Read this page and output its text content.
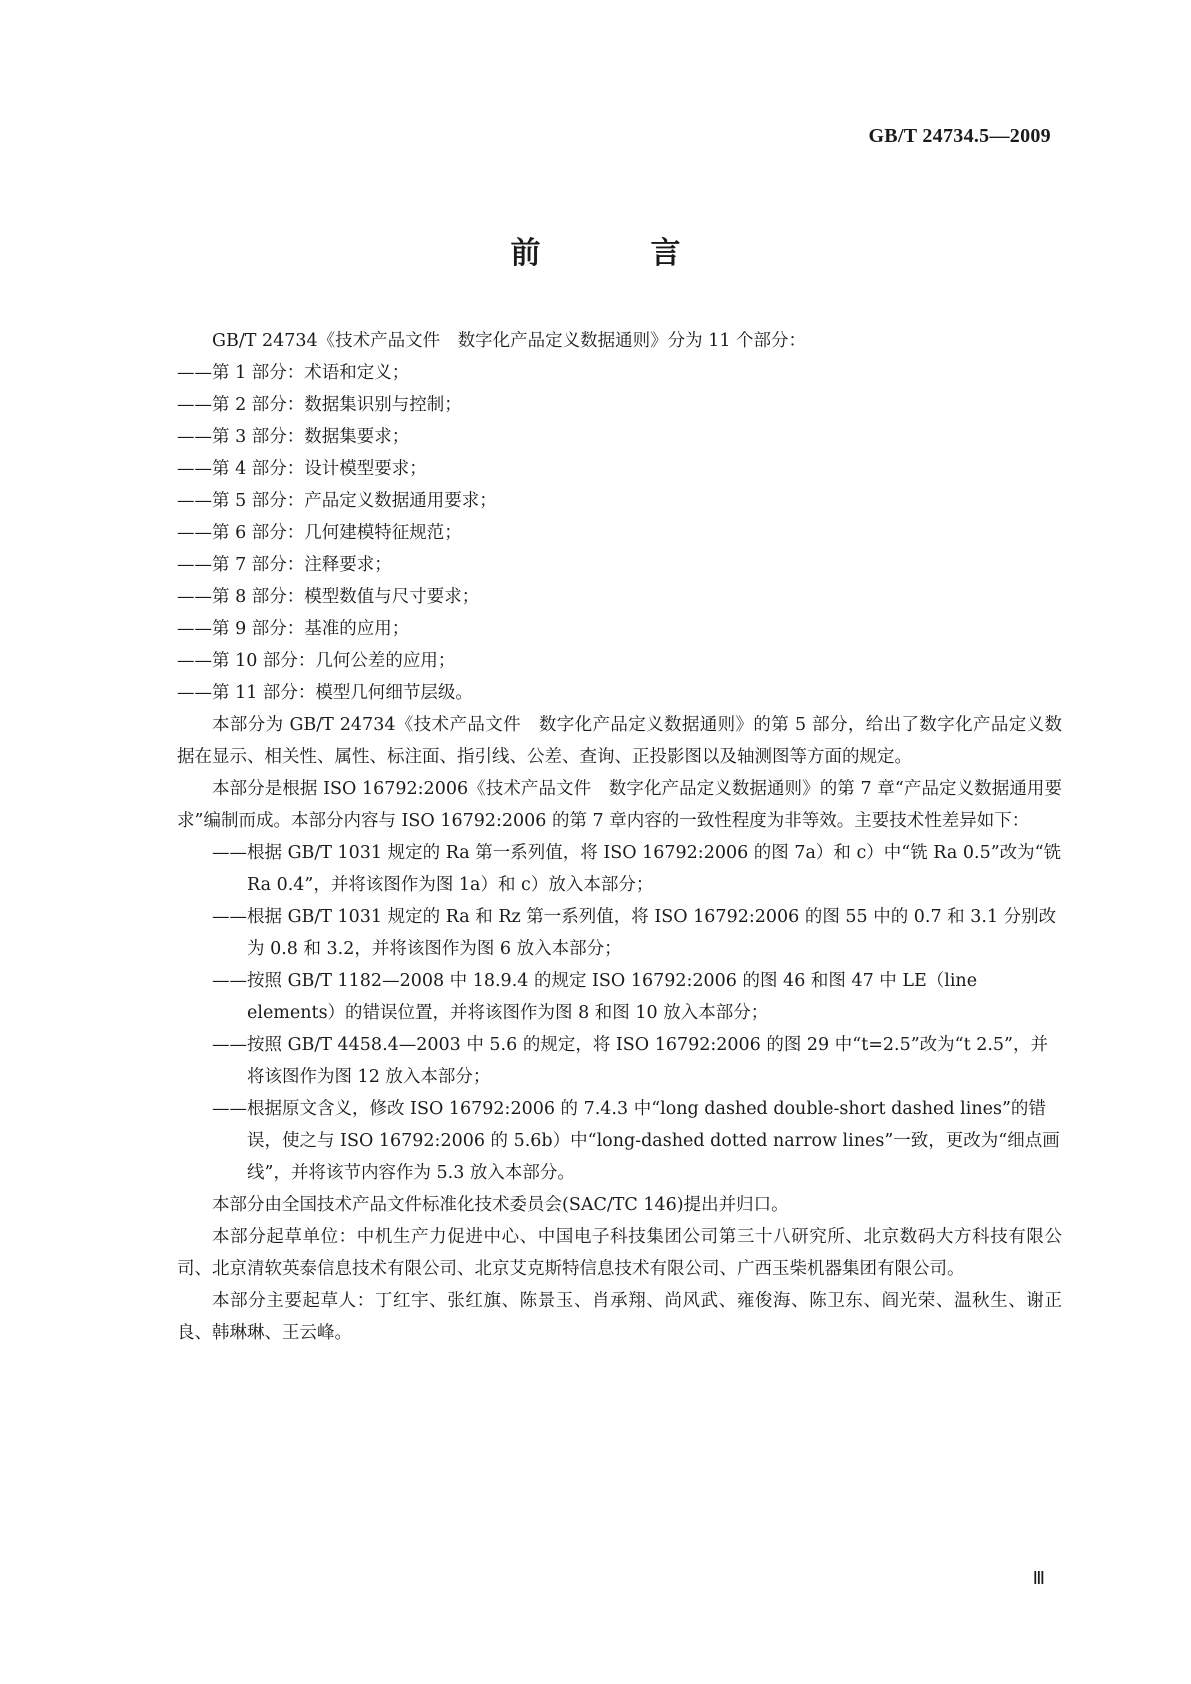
GB/T 24734.5—2009
前　言

GB/T 24734《技术产品文件　数字化产品定义数据通则》分为 11 个部分：

——第 1 部分：术语和定义；

——第 2 部分：数据集识别与控制；

——第 3 部分：数据集要求；

——第 4 部分：设计模型要求；

——第 5 部分：产品定义数据通用要求；

——第 6 部分：几何建模特征规范；

——第 7 部分：注释要求；

——第 8 部分：模型数值与尺寸要求；

——第 9 部分：基准的应用；

——第 10 部分：几何公差的应用；

——第 11 部分：模型几何细节层级。

本部分为 GB/T 24734《技术产品文件　数字化产品定义数据通则》的第 5 部分，给出了数字化产品定义数据在显示、相关性、属性、标注面、指引线、公差、查询、正投影图以及轴测图等方面的规定。

本部分是根据 ISO 16792:2006《技术产品文件　数字化产品定义数据通则》的第 7 章“产品定义数据通用要求”编制而成。本部分内容与 ISO 16792:2006 的第 7 章内容的一致性程度为非等效。主要技术性差异如下：

——根据 GB/T 1031 规定的 Ra 第一系列值，将 ISO 16792:2006 的图 7a）和 c）中“铣 Ra 0.5”改为“铣 Ra 0.4”，并将该图作为图 1a）和 c）放入本部分；

——根据 GB/T 1031 规定的 Ra 和 Rz 第一系列值，将 ISO 16792:2006 的图 55 中的 0.7 和 3.1 分别改为 0.8 和 3.2，并将该图作为图 6 放入本部分；

——按照 GB/T 1182—2008 中 18.9.4 的规定 ISO 16792:2006 的图 46 和图 47 中 LE（line elements）的错误位置，并将该图作为图 8 和图 10 放入本部分；

——按照 GB/T 4458.4—2003 中 5.6 的规定，将 ISO 16792:2006 的图 29 中“t=2.5”改为“t 2.5”，并将该图作为图 12 放入本部分；

——根据原文含义，修改 ISO 16792:2006 的 7.4.3 中“long dashed double-short dashed lines”的错误，使之与 ISO 16792:2006 的 5.6b）中“long-dashed dotted narrow lines”一致，更改为“细点画线”，并将该节内容作为 5.3 放入本部分。

本部分由全国技术产品文件标准化技术委员会(SAC/TC 146)提出并归口。

本部分起草单位：中机生产力促进中心、中国电子科技集团公司第三十八研究所、北京数码大方科技有限公司、北京清软英泰信息技术有限公司、北京艾克斯特信息技术有限公司、广西玉柴机器集团有限公司。

本部分主要起草人：丁红宇、张红旗、陈景玉、肖承翔、尚风武、雍俊海、陈卫东、阎光荣、温秋生、谢正良、韩琳琳、王云峰。

Ⅲ
